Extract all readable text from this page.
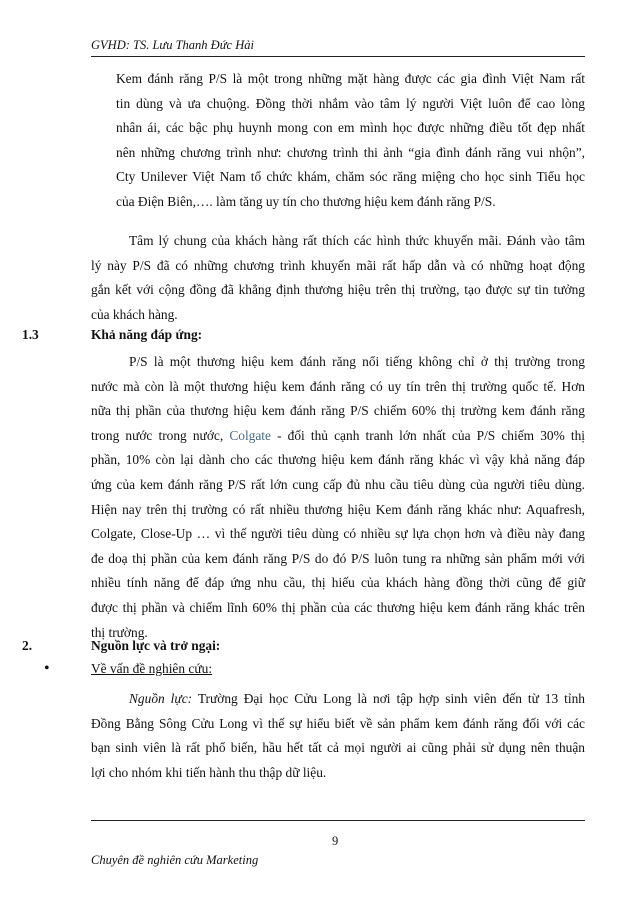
GVHD: TS. Lưu Thanh Đức Hải
Kem đánh răng P/S là một trong những mặt hàng được các gia đình Việt Nam rất
tin dùng và ưa chuộng. Đồng thời nhắm vào tâm lý người Việt luôn để cao lòng
nhân ái, các bậc phụ huynh mong con em mình học được những điều tốt đẹp nhất
nên những chương trình như: chương trình thi ảnh “gia đình đánh răng vui nhộn”,
Cty Unilever Việt Nam tổ chức khám, chăm sóc răng miệng cho học sinh Tiểu học
của Điện Biên,…. làm tăng uy tín cho thương hiệu kem đánh răng P/S.
Tâm lý chung của khách hàng rất thích các hình thức khuyến mãi. Đánh vào tâm
lý này P/S đã có những chương trình khuyến mãi rất hấp dẫn và có những hoạt động
gắn kết với cộng đồng đã khẳng định thương hiệu trên thị trường, tạo được sự tin tưởng
của khách hàng.
1.3	Khả năng đáp ứng:
P/S là một thương hiệu kem đánh răng nổi tiếng không chỉ ở thị trường trong
nước mà còn là một thương hiệu kem đánh răng có uy tín trên thị trường quốc tế. Hơn
nữa thị phần của thương hiệu kem đánh răng P/S chiếm 60% thị trường kem đánh răng
trong nước trong nước, Colgate - đối thủ cạnh tranh lớn nhất của P/S chiếm 30% thị
phần, 10% còn lại dành cho các thương hiệu kem đánh răng khác vì vậy khả năng đáp
ứng của kem đánh răng P/S rất lớn cung cấp đủ nhu cầu tiêu dùng của người tiêu dùng.
Hiện nay trên thị trường có rất nhiều thương hiệu Kem đánh răng khác như: Aquafresh,
Colgate, Close-Up … vì thế người tiêu dùng có nhiều sự lựa chọn hơn và điều này đang
đe doạ thị phần của kem đánh răng P/S do đó P/S luôn tung ra những sản phẩm mới với
nhiều tính năng để đáp ứng nhu cầu, thị hiếu của khách hàng đồng thời cũng để giữ
được thị phần và chiếm lĩnh 60% thị phần của các thương hiệu kem đánh răng khác trên
thị trường.
2.	Nguồn lực và trở ngại:
•	Về vấn đề nghiên cứu:
Nguồn lực: Trường Đại học Cửu Long là nơi tập hợp sinh viên đến từ 13 tỉnh
Đồng Bằng Sông Cửu Long vì thế sự hiểu biết về sản phẩm kem đánh răng đối với các
bạn sinh viên là rất phổ biến, hầu hết tất cả mọi người ai cũng phải sử dụng nên thuận
lợi cho nhóm khi tiến hành thu thập dữ liệu.
9
Chuyên đề nghiên cứu Marketing
